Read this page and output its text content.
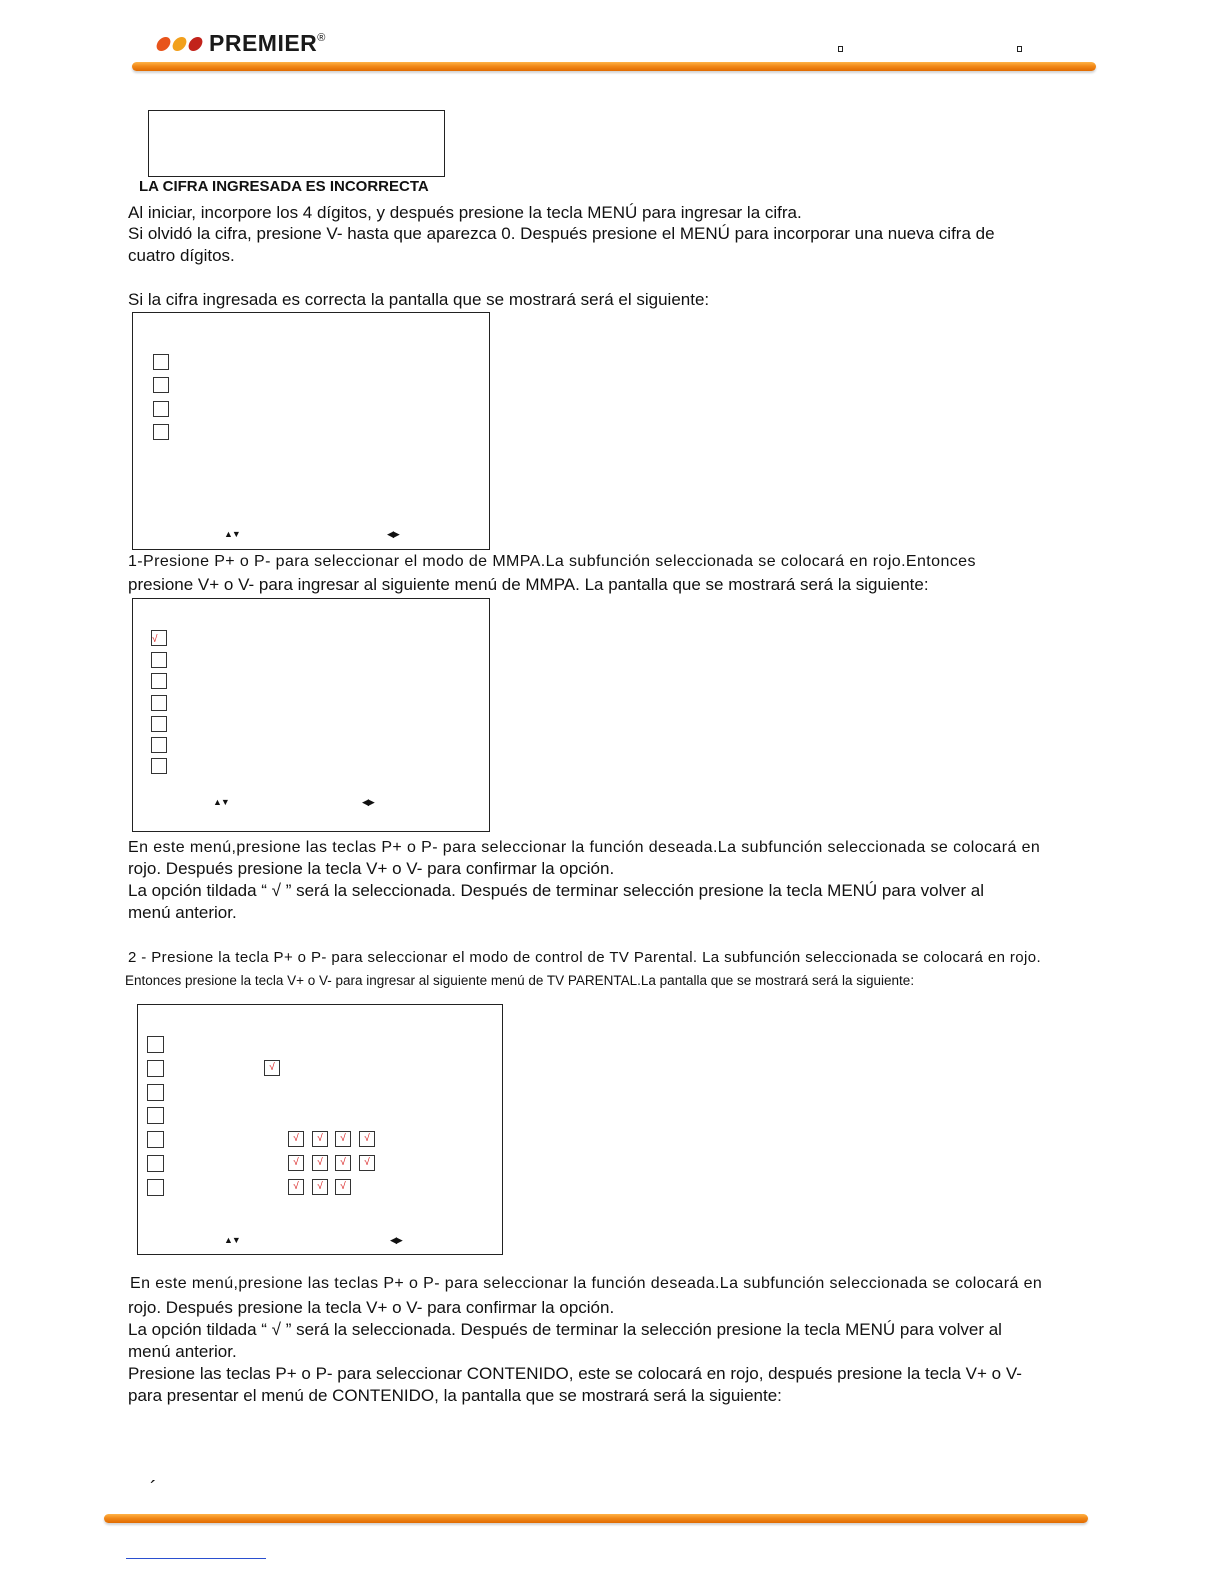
PREMIER ®
LA CIFRA INGRESADA ES INCORRECTA
Al iniciar, incorpore los 4 dígitos, y después presione la tecla MENÚ para ingresar la cifra.
Si olvidó la cifra, presione V- hasta que aparezca 0. Después presione el MENÚ para incorporar una nueva cifra de
cuatro dígitos.
Si la cifra ingresada es correcta la pantalla que se mostrará será el siguiente:
▲▼	◀▶
1-Presione P+ o P- para seleccionar el modo de MMPA.La subfunción seleccionada se colocará en rojo.Entonces
presione V+ o V- para ingresar al siguiente menú de MMPA. La pantalla que se mostrará será la siguiente:
√
▲▼	◀▶
En este menú,presione las teclas P+ o P- para seleccionar la función deseada.La subfunción seleccionada se colocará en
rojo. Después presione la tecla V+ o V- para confirmar la opción.
La opción tildada “ √ ” será la seleccionada. Después de terminar selección presione la tecla MENÚ para volver al
menú anterior.
2 - Presione la tecla P+ o P- para seleccionar el modo de control de TV Parental. La subfunción seleccionada se colocará en rojo.
Entonces presione la tecla V+ o V- para ingresar al siguiente menú de TV PARENTAL.La pantalla que se mostrará será la siguiente:
√
√	√	√	√
√	√	√	√
√	√	√
▲▼	◀▶
En este menú,presione las teclas P+ o P- para seleccionar la función deseada.La subfunción seleccionada se colocará en
rojo. Después presione la tecla V+ o V- para confirmar la opción.
La opción tildada “ √ ” será la seleccionada. Después de terminar la selección presione la tecla MENÚ para volver al
menú anterior.
Presione las teclas P+ o P- para seleccionar CONTENIDO, este se colocará en rojo, después presione la tecla V+ o V-
para presentar el menú de CONTENIDO, la pantalla que se mostrará será la siguiente:
´
